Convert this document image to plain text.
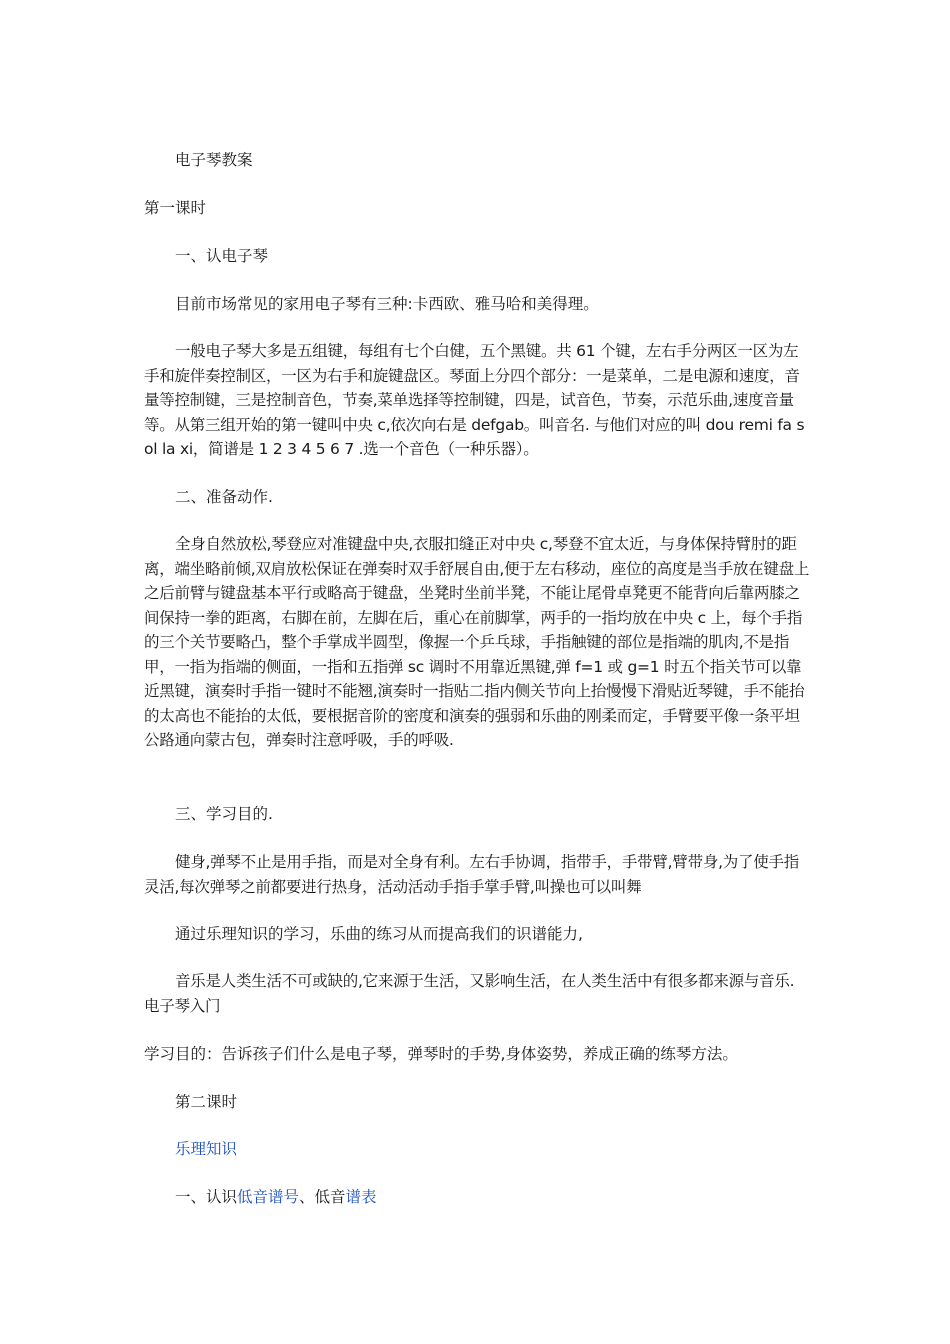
电子琴教案

第一课时

一、认电子琴

目前市场常见的家用电子琴有三种:卡西欧、雅马哈和美得理。

一般电子琴大多是五组键，每组有七个白健，五个黑键。共 61 个键，左右手分两区一区为左手和旋伴奏控制区，一区为右手和旋键盘区。琴面上分四个部分：一是菜单，二是电源和速度，音量等控制键，三是控制音色，节奏,菜单选择等控制键，四是，试音色，节奏，示范乐曲,速度音量等。从第三组开始的第一键叫中央 c,依次向右是 defgab。叫音名. 与他们对应的叫 dou remi fa sol la xi，简谱是 1 2 3 4 5 6 7 .选一个音色（一种乐器）。

二、准备动作.

全身自然放松,琴登应对准键盘中央,衣服扣缝正对中央 c,琴登不宜太近，与身体保持臂肘的距离，端坐略前倾,双肩放松保证在弹奏时双手舒展自由,便于左右移动，座位的高度是当手放在键盘上之后前臂与键盘基本平行或略高于键盘，坐凳时坐前半凳，不能让尾骨卓凳更不能背向后靠两膝之间保持一拳的距离，右脚在前，左脚在后，重心在前脚掌，两手的一指均放在中央 c 上，每个手指的三个关节要略凸，整个手掌成半圆型，像握一个乒乓球，手指触键的部位是指端的肌肉,不是指甲，一指为指端的侧面，一指和五指弹 sc 调时不用靠近黑键,弹 f=1 或 g=1 时五个指关节可以靠近黑键，演奏时手指一键时不能翘,演奏时一指贴二指内侧关节向上抬慢慢下滑贴近琴键，手不能抬的太高也不能抬的太低，要根据音阶的密度和演奏的强弱和乐曲的刚柔而定，手臂要平像一条平坦公路通向蒙古包，弹奏时注意呼吸，手的呼吸.

三、学习目的.

健身,弹琴不止是用手指，而是对全身有利。左右手协调，指带手，手带臂,臂带身,为了使手指灵活,每次弹琴之前都要进行热身，活动活动手指手掌手臂,叫操也可以叫舞

通过乐理知识的学习，乐曲的练习从而提高我们的识谱能力,

音乐是人类生活不可或缺的,它来源于生活，又影响生活，在人类生活中有很多都来源与音乐. 电子琴入门

学习目的：告诉孩子们什么是电子琴，弹琴时的手势,身体姿势，养成正确的练琴方法。

第二课时

乐理知识

一、认识低音谱号、低音谱表
